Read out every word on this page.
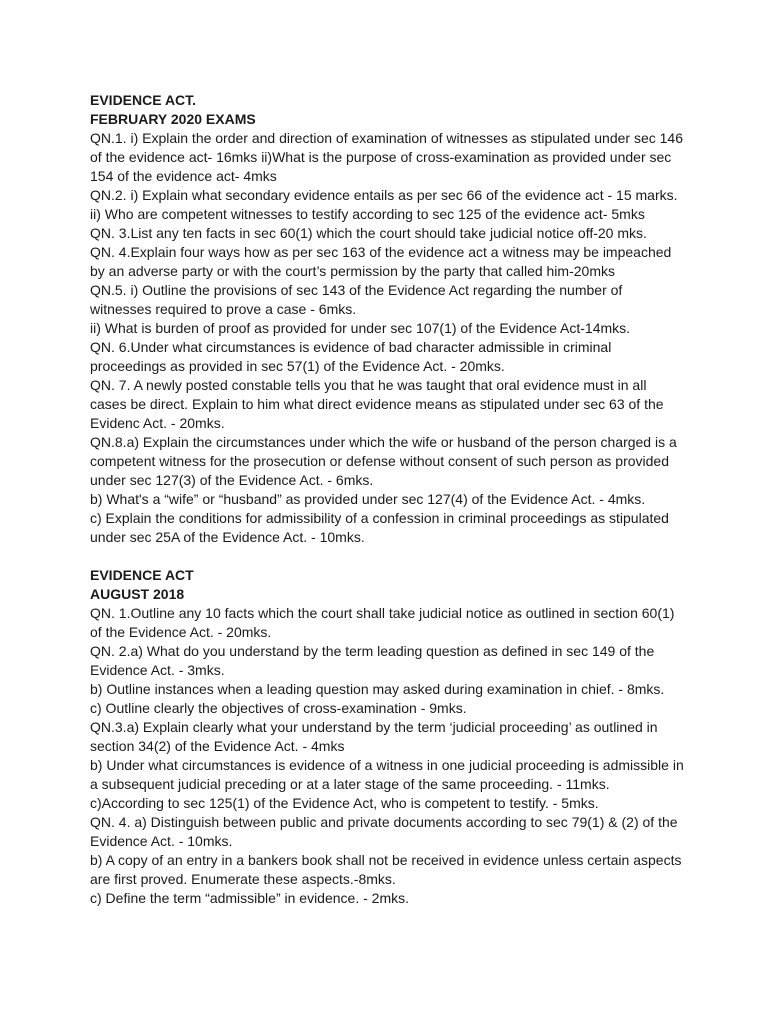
EVIDENCE ACT.

FEBRUARY 2020 EXAMS

QN.1. i) Explain the order and direction of examination of witnesses as stipulated under sec 146

of the evidence act- 16mks ii)What is the purpose of cross-examination as provided under sec

154 of the evidence act- 4mks

QN.2. i) Explain what secondary evidence entails as per sec 66 of the evidence act - 15 marks.

ii) Who are competent witnesses to testify according to sec 125 of the evidence act- 5mks

QN. 3.List any ten facts in sec 60(1) which the court should take judicial notice off-20 mks.

QN. 4.Explain four ways how as per sec 163 of the evidence act a witness may be impeached

by an adverse party or with the court’s permission by the party that called him-20mks

QN.5. i) Outline the provisions of sec 143 of the Evidence Act regarding the number of

witnesses required to prove a case - 6mks.

ii) What is burden of proof as provided for under sec 107(1) of the Evidence Act-14mks.

QN. 6.Under what circumstances is evidence of bad character admissible in criminal

proceedings as provided in sec 57(1) of the Evidence Act. - 20mks.

QN. 7. A newly posted constable tells you that he was taught that oral evidence must in all

cases be direct. Explain to him what direct evidence means as stipulated under sec 63 of the

Evidenc Act. - 20mks.

QN.8.a) Explain the circumstances under which the wife or husband of the person charged is a

competent witness for the prosecution or defense without consent of such person as provided

under sec 127(3) of the Evidence Act. - 6mks.

b) What's a “wife” or “husband” as provided under sec 127(4) of the Evidence Act. - 4mks.

c) Explain the conditions for admissibility of a confession in criminal proceedings as stipulated

under sec 25A of the Evidence Act. - 10mks.

EVIDENCE ACT

AUGUST 2018

QN. 1.Outline any 10 facts which the court shall take judicial notice as outlined in section 60(1)

of the Evidence Act. - 20mks.

QN. 2.a) What do you understand by the term leading question as defined in sec 149 of the

Evidence Act. - 3mks.

b) Outline instances when a leading question may asked during examination in chief. - 8mks.

c) Outline clearly the objectives of cross-examination - 9mks.

QN.3.a) Explain clearly what your understand by the term ‘judicial proceeding’ as outlined in

section 34(2) of the Evidence Act. - 4mks

b) Under what circumstances is evidence of a witness in one judicial proceeding is admissible in

a subsequent judicial preceding or at a later stage of the same proceeding. - 11mks.

c)According to sec 125(1) of the Evidence Act, who is competent to testify. - 5mks.

QN. 4. a) Distinguish between public and private documents according to sec 79(1) & (2) of the

Evidence Act. - 10mks.

b) A copy of an entry in a bankers book shall not be received in evidence unless certain aspects

are first proved. Enumerate these aspects.-8mks.

c) Define the term “admissible” in evidence. - 2mks.
